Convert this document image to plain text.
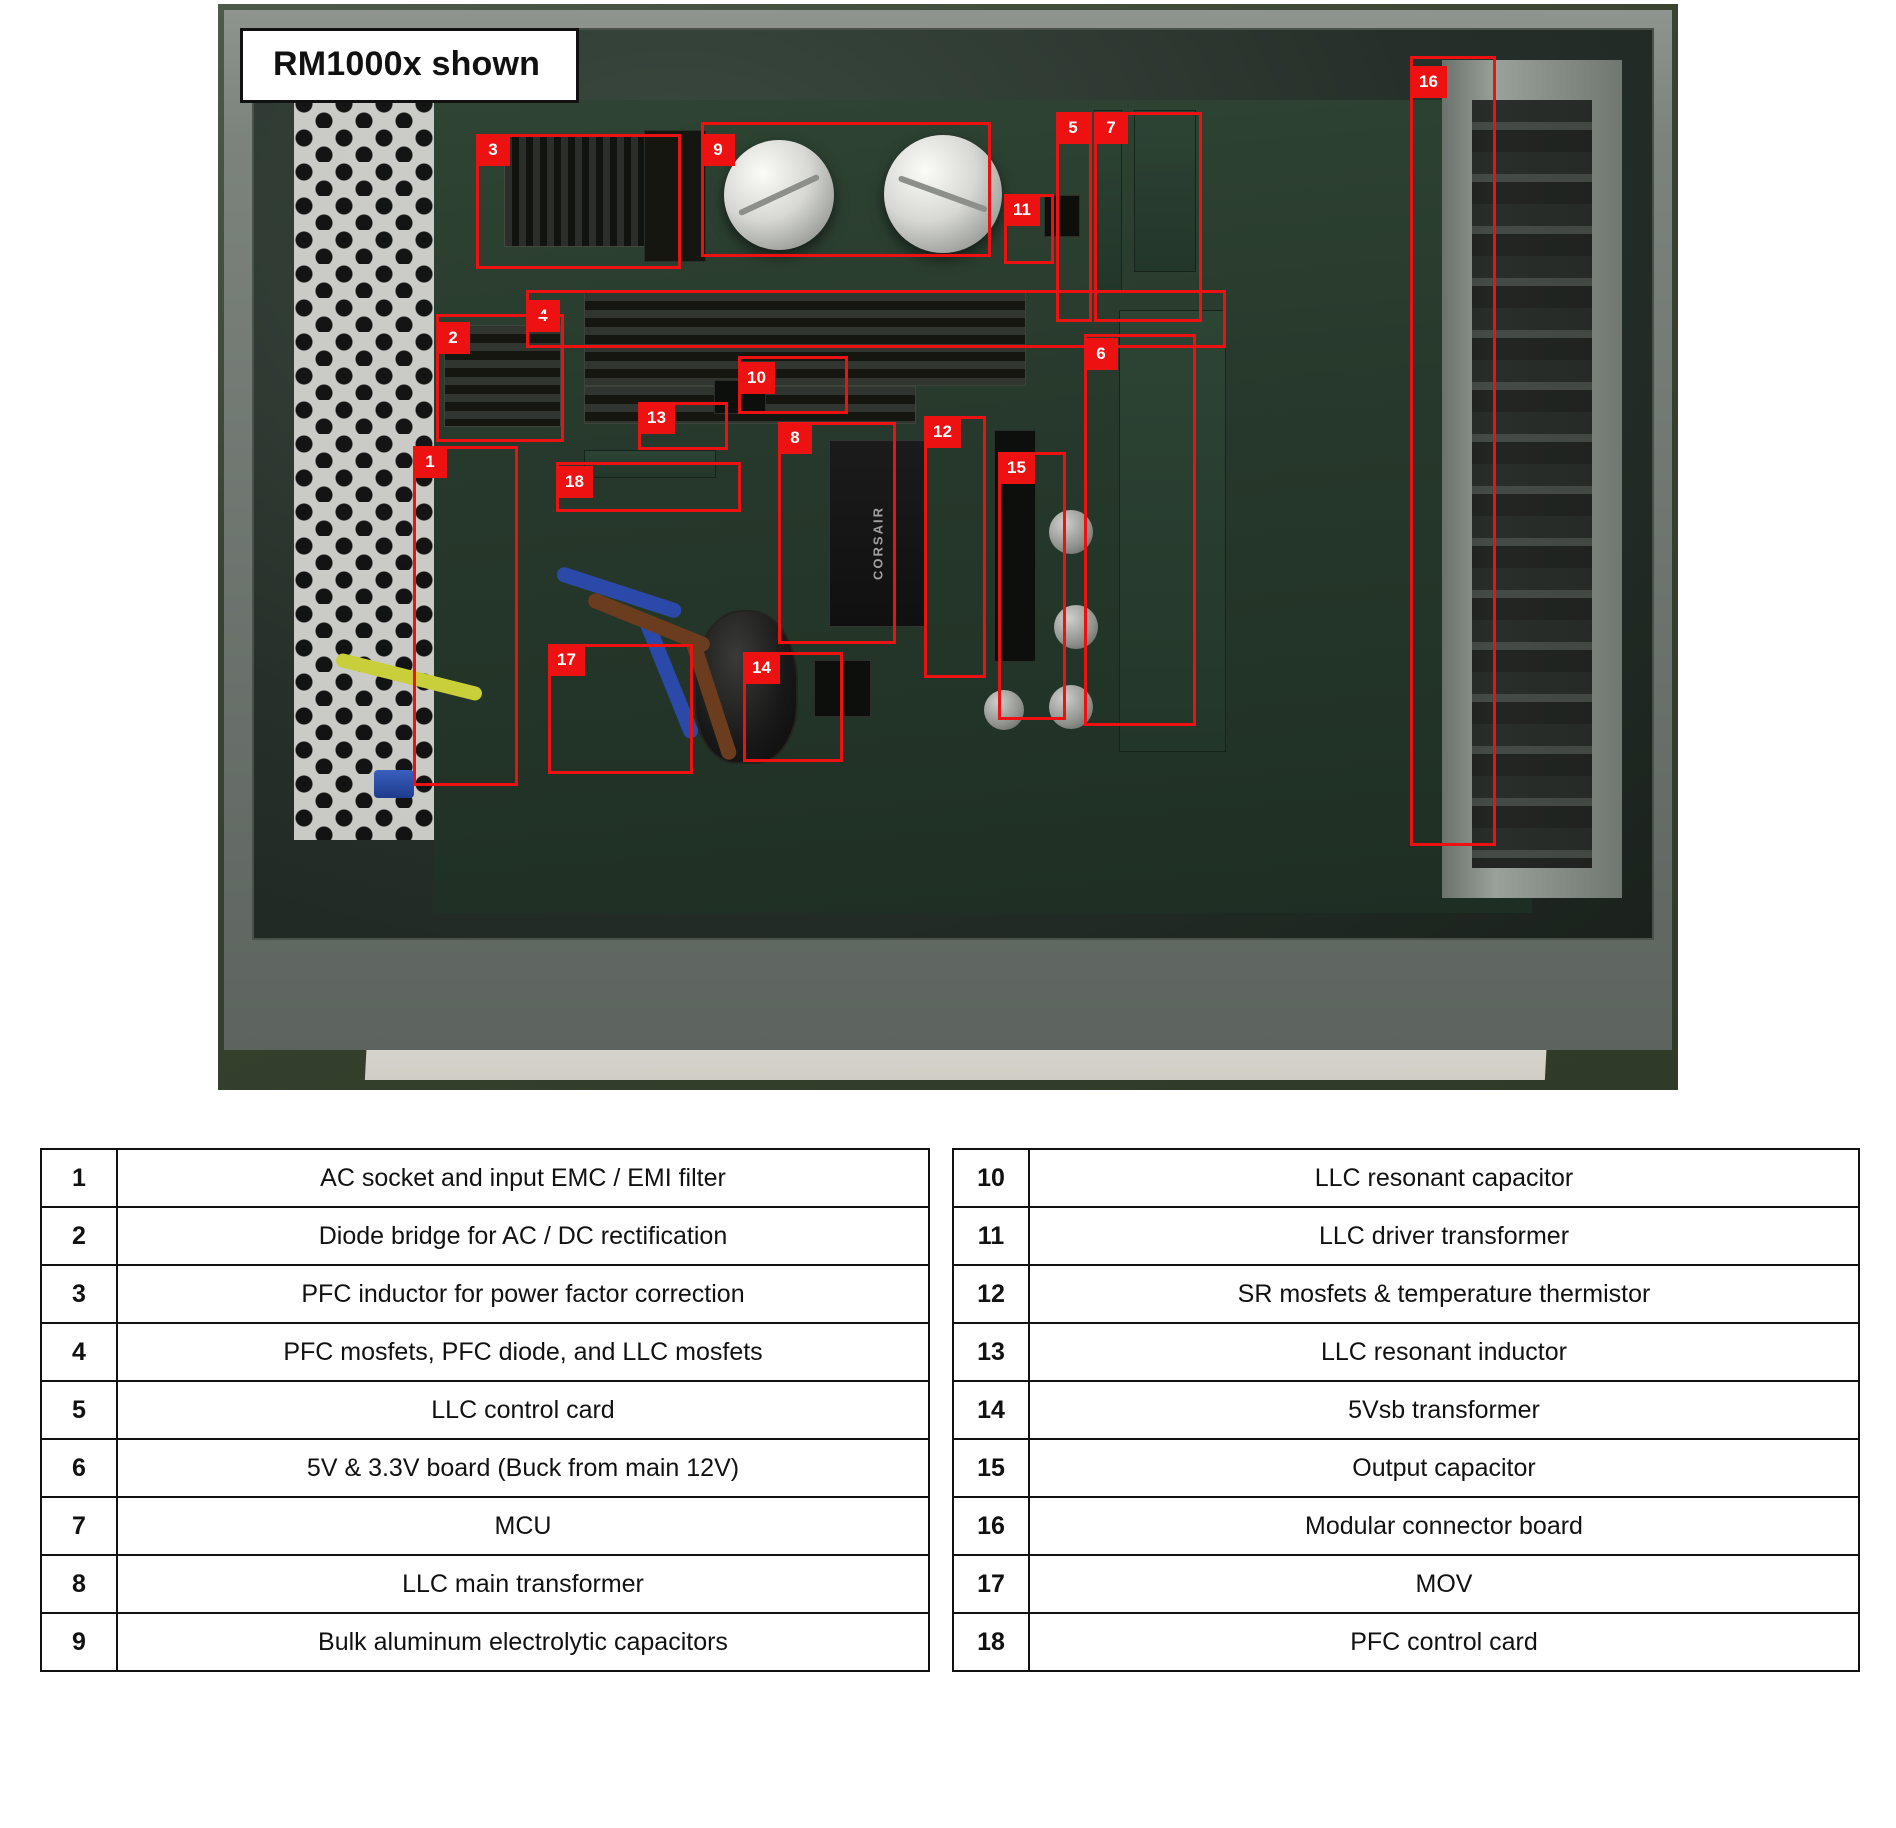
CORSAIR
3	9
11
5	7
16
4
2
10
13
6
1
18
8	12
15
17	14
RM1000x shown
1	AC socket and input EMC / EMI filter
2	Diode bridge for AC / DC rectification
3	PFC inductor for power factor correction
4	PFC mosfets, PFC diode, and LLC mosfets
5	LLC control card
6	5V & 3.3V board (Buck from main 12V)
7	MCU
8	LLC main transformer
9	Bulk aluminum electrolytic capacitors
10	LLC resonant capacitor
11	LLC driver transformer
12	SR mosfets & temperature thermistor
13	LLC resonant inductor
14	5Vsb transformer
15	Output capacitor
16	Modular connector board
17	MOV
18	PFC control card
